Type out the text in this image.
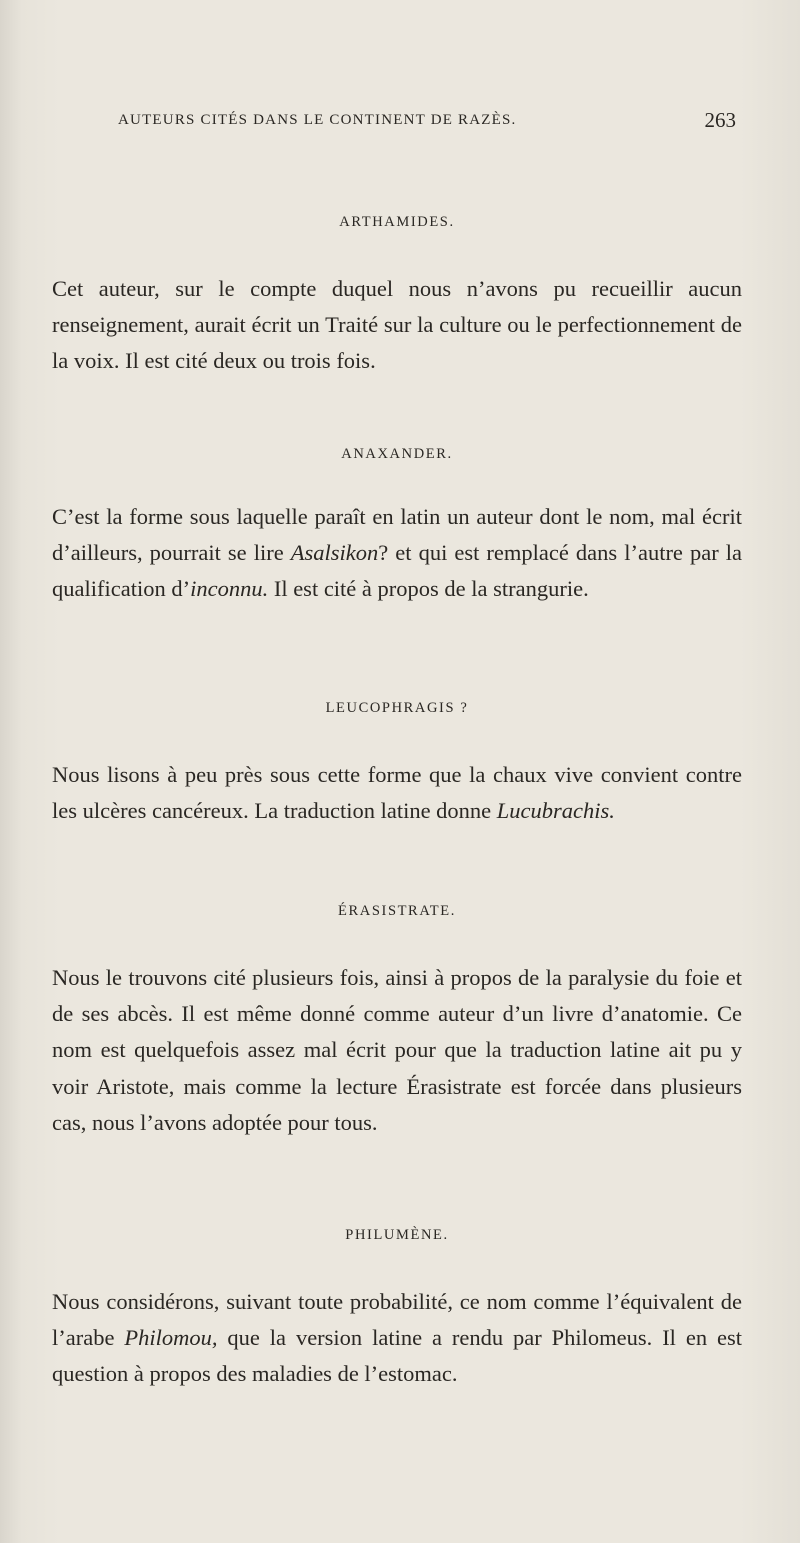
AUTEURS CITÉS DANS LE CONTINENT DE RAZÈS.	263
ARTHAMIDES.

Cet auteur, sur le compte duquel nous n’avons pu recueillir aucun renseignement, aurait écrit un Traité sur la culture ou le perfectionnement de la voix. Il est cité deux ou trois fois.

ANAXANDER.

C’est la forme sous laquelle paraît en latin un auteur dont le nom, mal écrit d’ailleurs, pourrait se lire Asalsikon? et qui est remplacé dans l’autre par la qualification d’inconnu. Il est cité à propos de la strangurie.

LEUCOPHRAGIS ?

Nous lisons à peu près sous cette forme que la chaux vive convient contre les ulcères cancéreux. La traduction latine donne Lucubrachis.

ÉRASISTRATE.

Nous le trouvons cité plusieurs fois, ainsi à propos de la paralysie du foie et de ses abcès. Il est même donné comme auteur d’un livre d’anatomie. Ce nom est quelquefois assez mal écrit pour que la traduction latine ait pu y voir Aristote, mais comme la lecture Érasistrate est forcée dans plusieurs cas, nous l’avons adoptée pour tous.

PHILUMÈNE.

Nous considérons, suivant toute probabilité, ce nom comme l’équivalent de l’arabe Philomou, que la version latine a rendu par Philomeus. Il en est question à propos des maladies de l’estomac.
